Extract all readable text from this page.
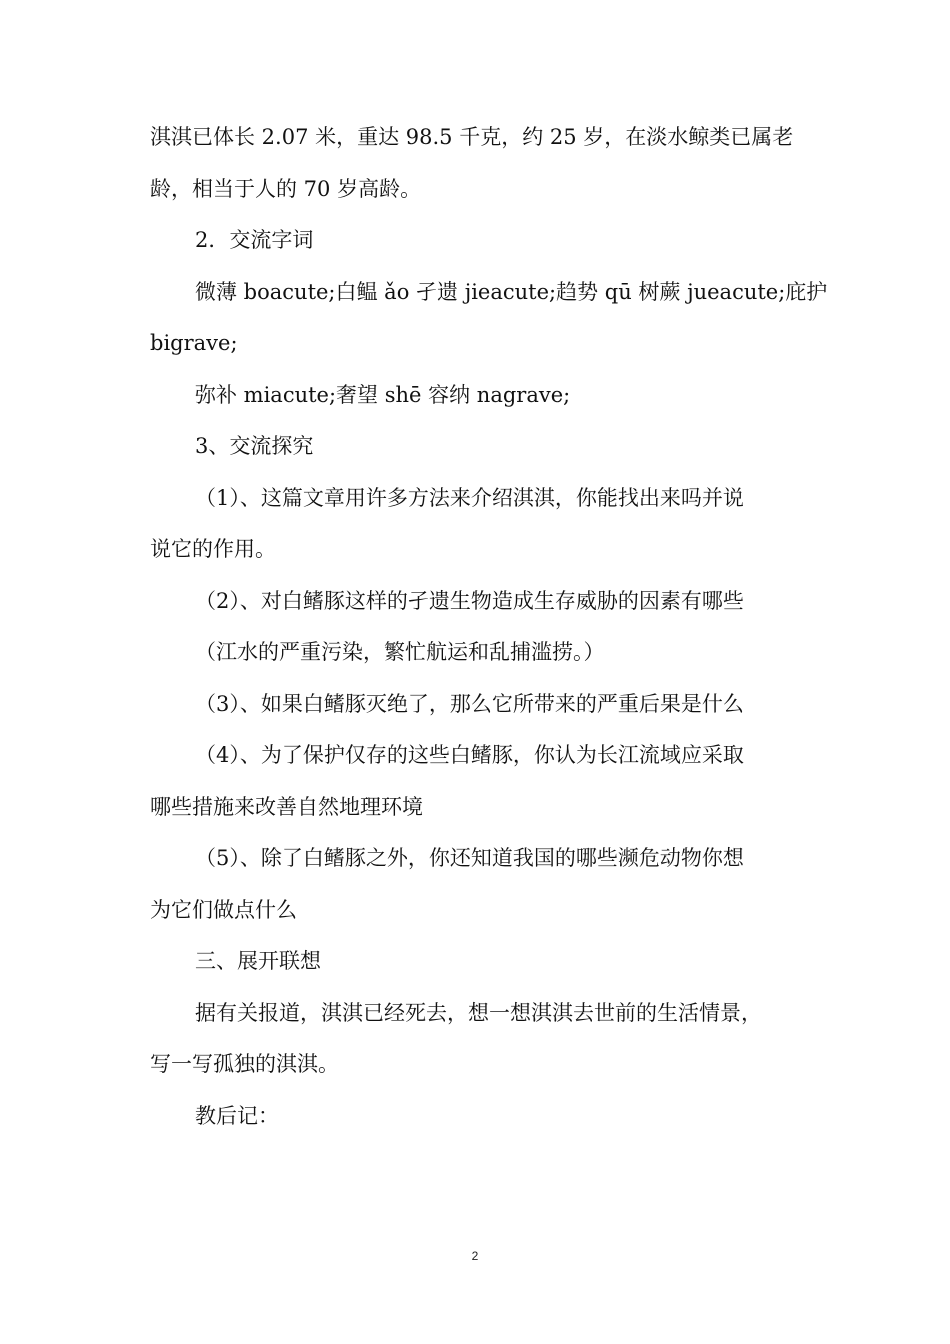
淇淇已体长 2.07 米，重达 98.5 千克，约 25 岁，在淡水鲸类已属老
龄，相当于人的 70 岁高龄。
2．交流字词
微薄 boacute;白鳁 ǎo 孑遗 jieacute;趋势 qū 树蕨 jueacute;庇护
bigrave;
弥补 miacute;奢望 shē 容纳 nagrave;
3、交流探究
（1）、这篇文章用许多方法来介绍淇淇，你能找出来吗并说
说它的作用。
（2）、对白鳍豚这样的孑遗生物造成生存威胁的因素有哪些
（江水的严重污染，繁忙航运和乱捕滥捞。）
（3）、如果白鳍豚灭绝了，那么它所带来的严重后果是什么
（4）、为了保护仅存的这些白鳍豚，你认为长江流域应采取
哪些措施来改善自然地理环境
（5）、除了白鳍豚之外，你还知道我国的哪些濒危动物你想
为它们做点什么
三、展开联想
据有关报道，淇淇已经死去，想一想淇淇去世前的生活情景，
写一写孤独的淇淇。
教后记：
2
